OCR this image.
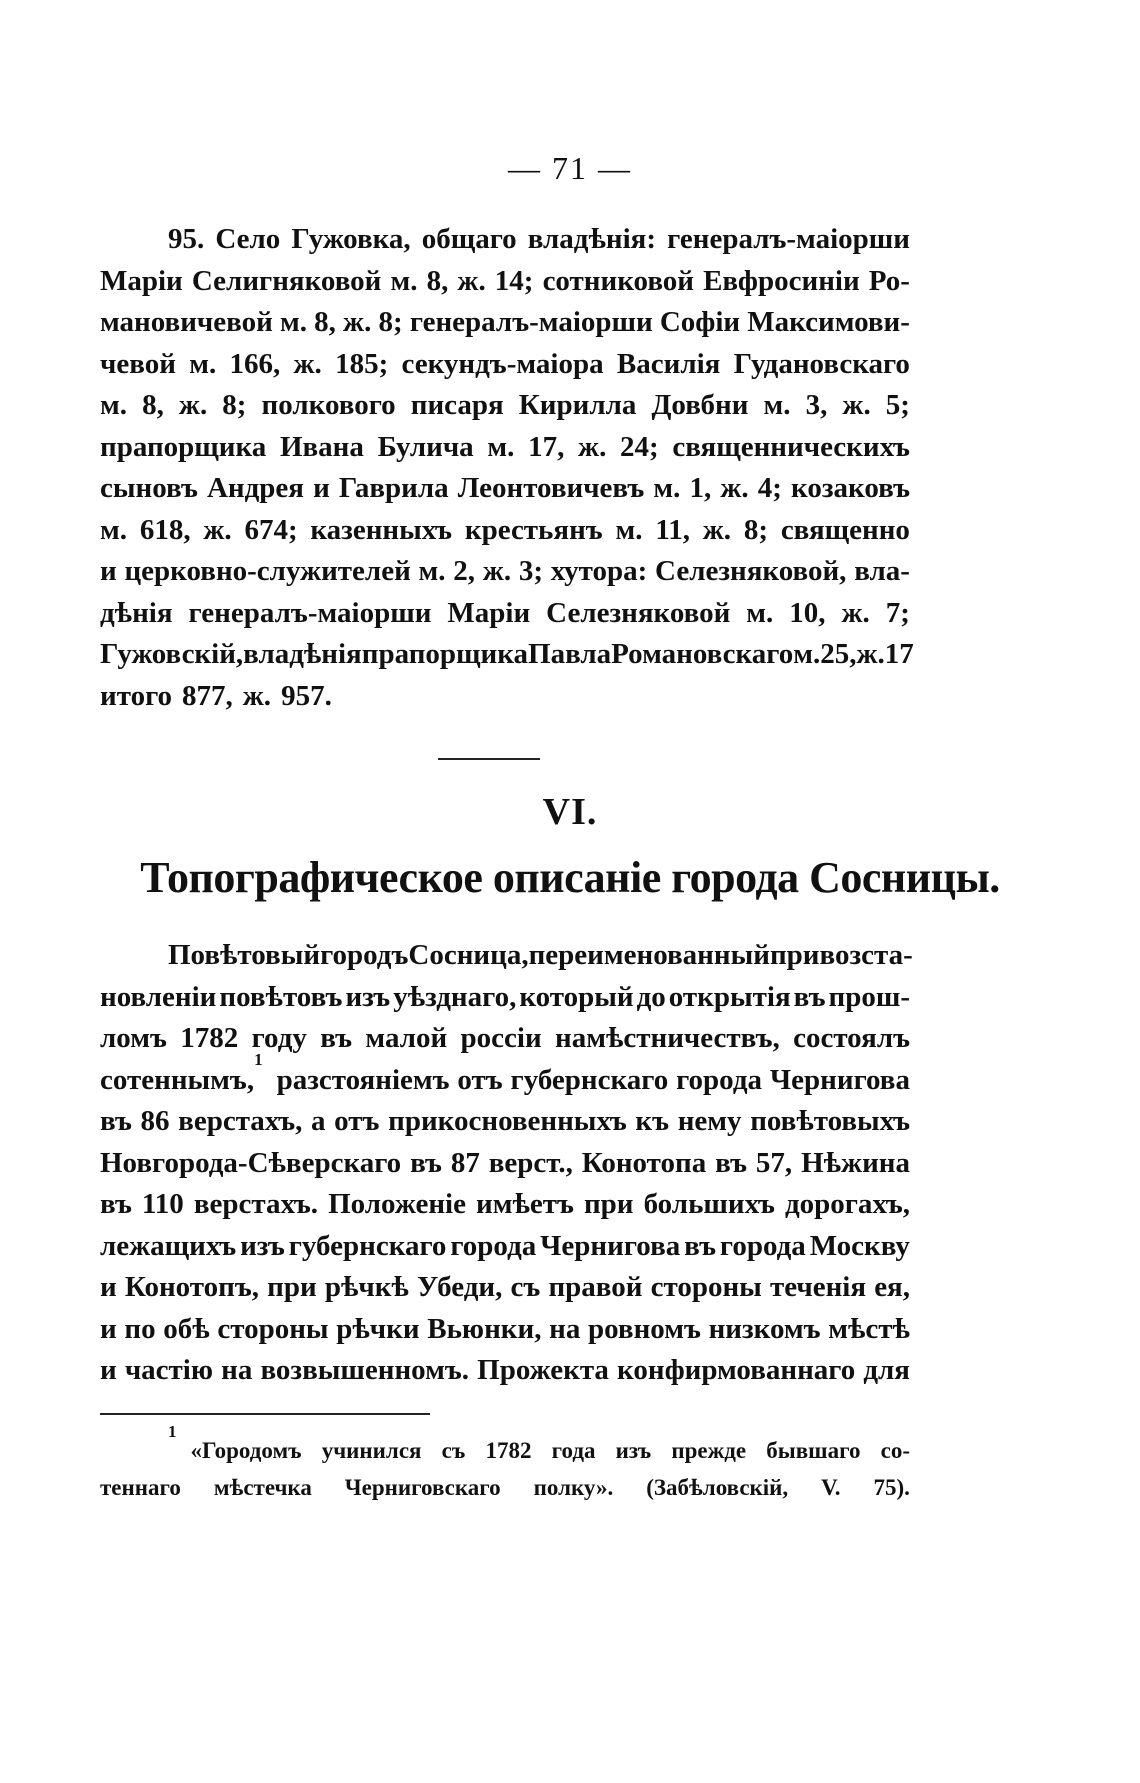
— 71 —
95. Село Гужовка, общаго владѣнія: генералъ-маіорши
Маріи Селигняковой м. 8, ж. 14; сотниковой Евфросиніи Ро-
мановичевой м. 8, ж. 8; генералъ-маіорши Софіи Максимови-
чевой м. 166, ж. 185; секундъ-маіора Василія Гудановскаго
м. 8, ж. 8; полкового писаря Кирилла Довбни м. 3, ж. 5;
прапорщика Ивана Булича м. 17, ж. 24; священническихъ
сыновъ Андрея и Гаврила Леонтовичевъ м. 1, ж. 4; козаковъ
м. 618, ж. 674; казенныхъ крестьянъ м. 11, ж. 8; священно
и церковно-служителей м. 2, ж. 3; хутора: Селезняковой, вла-
дѣнія генералъ-маіорши Маріи Селезняковой м. 10, ж. 7;
Гужовскій, владѣнія прапорщика Павла Романовскаго м. 25, ж. 17
итого 877, ж. 957.
VI.
Топографическое описаніе города Сосницы.
Повѣтовый городъ Сосница, переименованный при возста-
новленіи повѣтовъ изъ уѣзднаго, который до открытія въ прош-
ломъ 1782 году въ малой россіи намѣстничествъ, состоялъ
сотеннымъ,
1
разстояніемъ отъ губернскаго города Чернигова
въ 86 верстахъ, а отъ прикосновенныхъ къ нему повѣтовыхъ
Новгорода-Сѣверскаго въ 87 верст., Конотопа въ 57, Нѣжина
въ 110 верстахъ. Положеніе имѣетъ при большихъ дорогахъ,
лежащихъ изъ губернскаго города Чернигова въ города Москву
и Конотопъ, при рѣчкѣ Убеди, съ правой стороны теченія ея,
и по обѣ стороны рѣчки Вьюнки, на ровномъ низкомъ мѣстѣ
и частію на возвышенномъ. Прожекта конфирмованнаго для
1
«Городомъ учинился съ 1782 года изъ прежде бывшаго со-
теннаго мѣстечка Черниговскаго полку». (Забѣловскій, V. 75).
